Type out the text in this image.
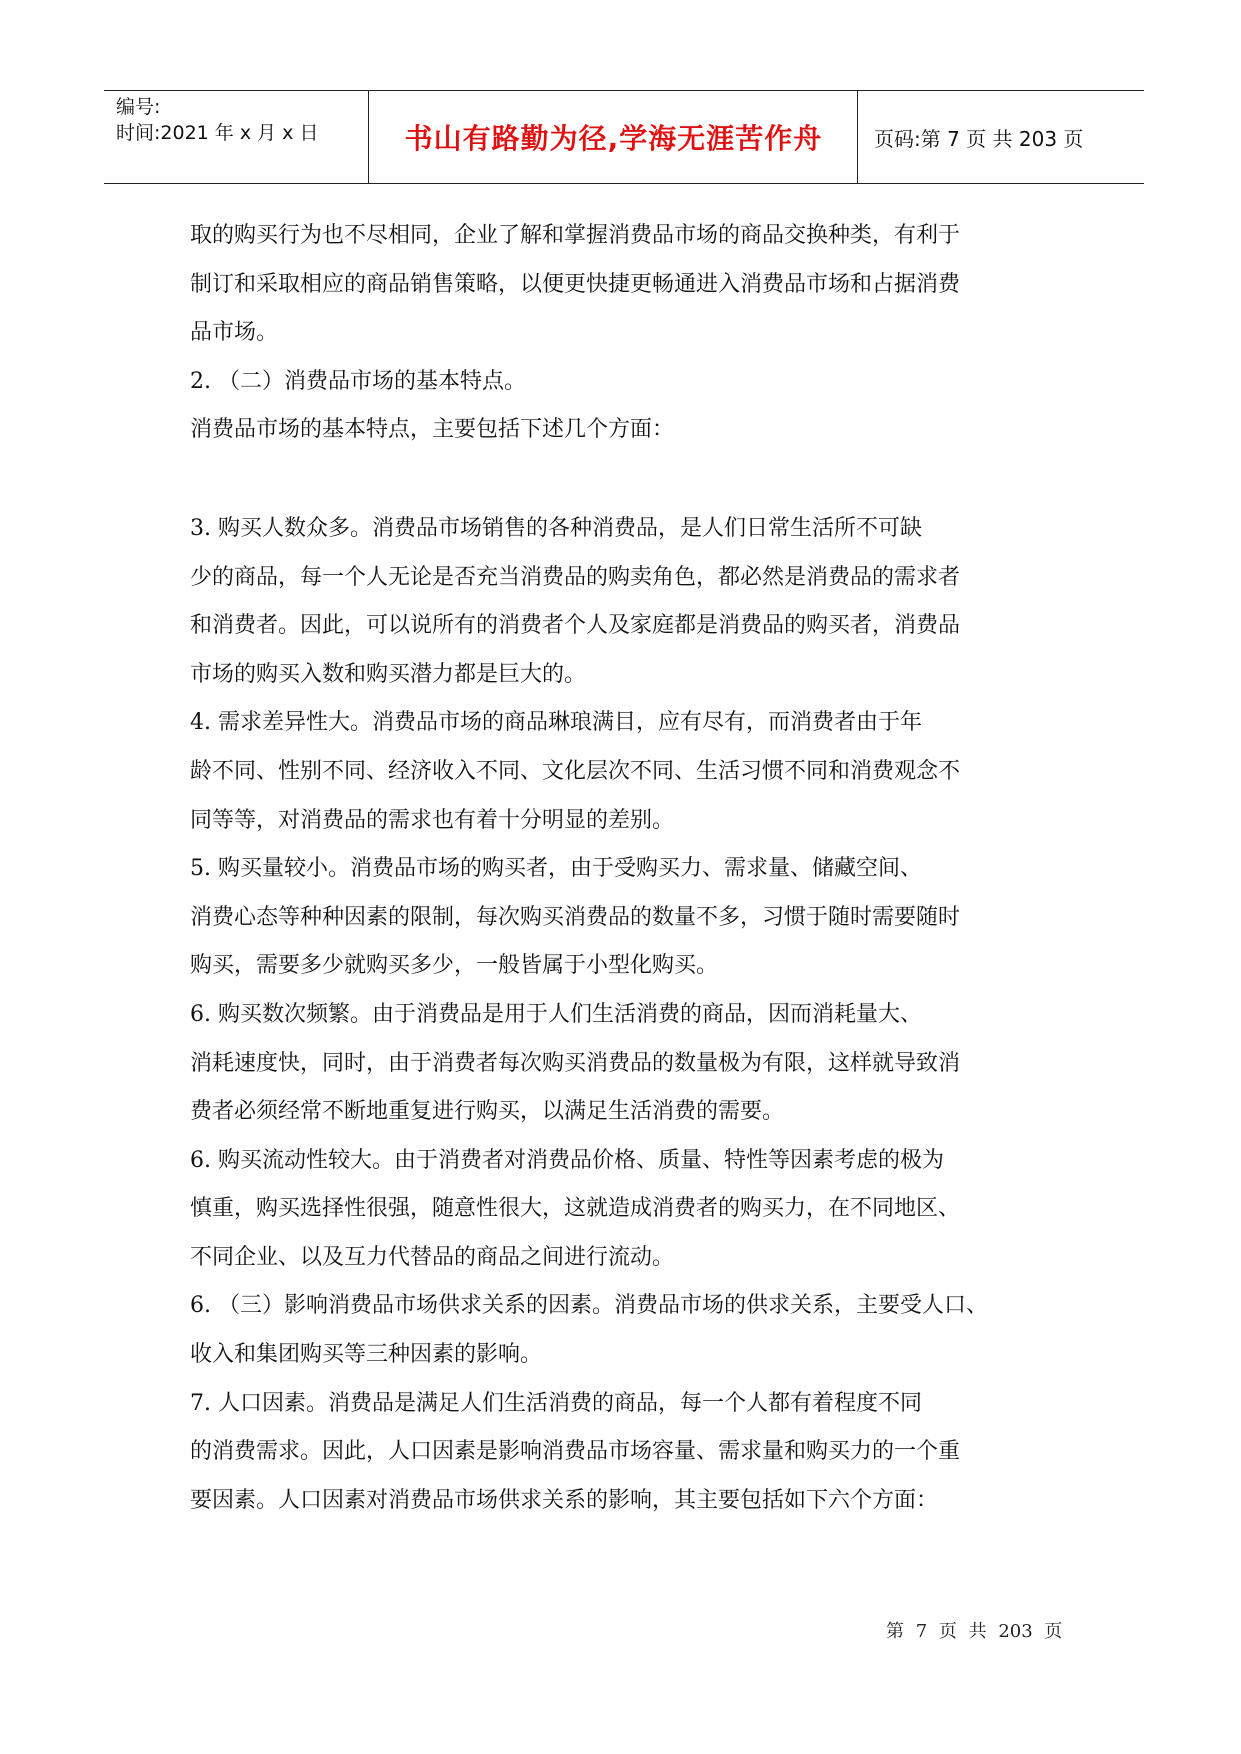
编号:
时间:2021 年 x 月 x 日	书山有路勤为径,学海无涯苦作舟	页码:第 7 页 共 203 页

取的购买行为也不尽相同，企业了解和掌握消费品市场的商品交换种类，有利于

制订和采取相应的商品销售策略，以便更快捷更畅通进入消费品市场和占据消费

品市场。

2. （二）消费品市场的基本特点。

消费品市场的基本特点，主要包括下述几个方面：

3. 购买人数众多。消费品市场销售的各种消费品，是人们日常生活所不可缺

少的商品，每一个人无论是否充当消费品的购卖角色，都必然是消费品的需求者

和消费者。因此，可以说所有的消费者个人及家庭都是消费品的购买者，消费品

市场的购买入数和购买潜力都是巨大的。

4. 需求差异性大。消费品市场的商品琳琅满目，应有尽有，而消费者由于年

龄不同、性别不同、经济收入不同、文化层次不同、生活习惯不同和消费观念不

同等等，对消费品的需求也有着十分明显的差别。

5. 购买量较小。消费品市场的购买者，由于受购买力、需求量、储藏空间、

消费心态等种种因素的限制，每次购买消费品的数量不多，习惯于随时需要随时

购买，需要多少就购买多少，一般皆属于小型化购买。

6. 购买数次频繁。由于消费品是用于人们生活消费的商品，因而消耗量大、

消耗速度快，同时，由于消费者每次购买消费品的数量极为有限，这样就导致消

费者必须经常不断地重复进行购买，以满足生活消费的需要。

6. 购买流动性较大。由于消费者对消费品价格、质量、特性等因素考虑的极为

慎重，购买选择性很强，随意性很大，这就造成消费者的购买力，在不同地区、

不同企业、以及互力代替品的商品之间进行流动。

6. （三）影响消费品市场供求关系的因素。消费品市场的供求关系，主要受人口、

收入和集团购买等三种因素的影响。

7. 人口因素。消费品是满足人们生活消费的商品，每一个人都有着程度不同

的消费需求。因此，人口因素是影响消费品市场容量、需求量和购买力的一个重

要因素。人口因素对消费品市场供求关系的影响，其主要包括如下六个方面：

第 7 页 共 203 页
